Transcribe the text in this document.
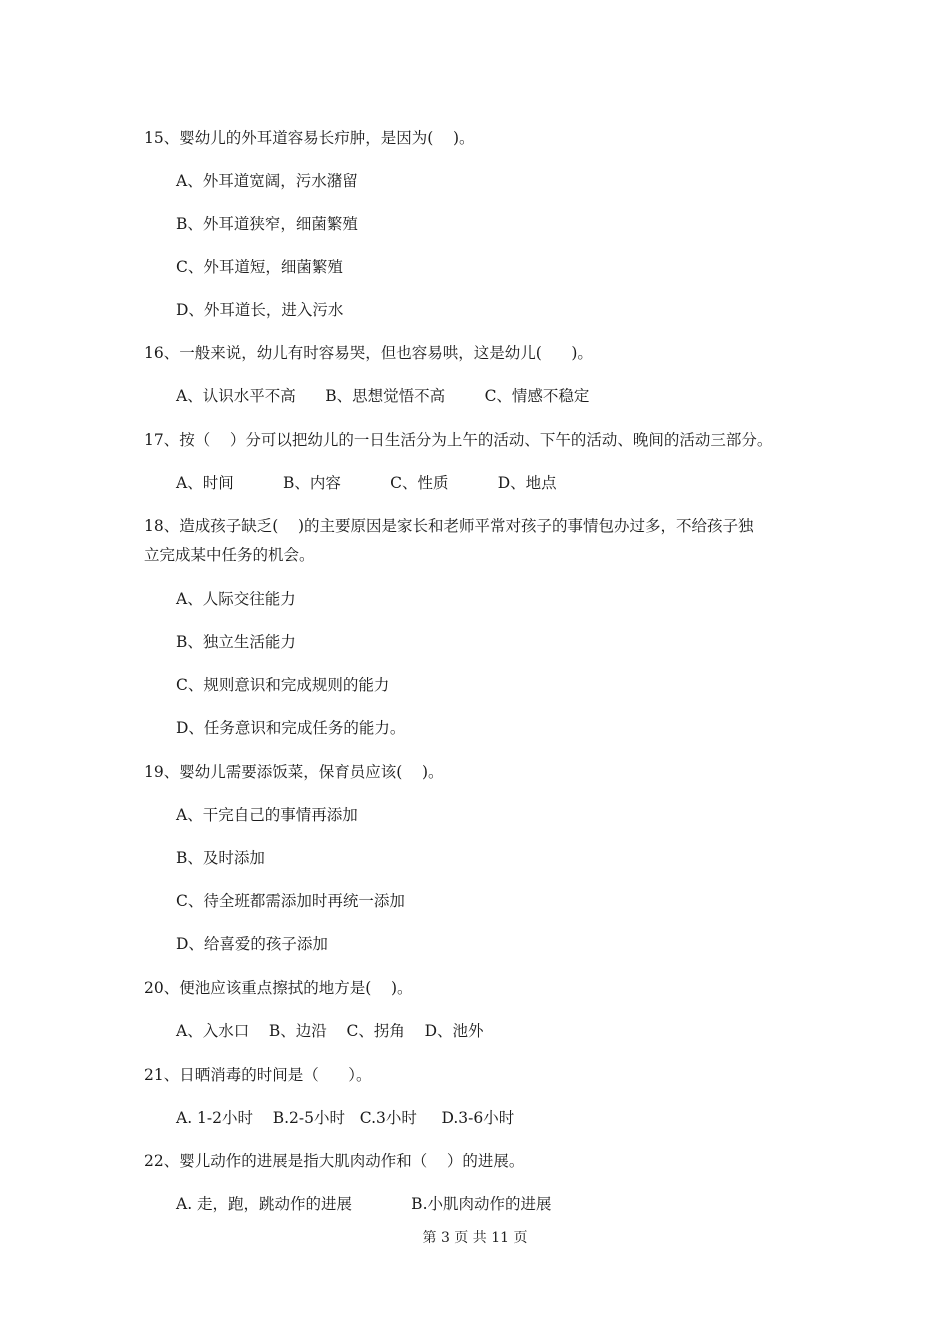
15、婴幼儿的外耳道容易长疖肿，是因为(    )。
A、外耳道宽阔，污水潴留
B、外耳道狭窄，细菌繁殖
C、外耳道短，细菌繁殖
D、外耳道长，进入污水
16、一般来说，幼儿有时容易哭，但也容易哄，这是幼儿(      )。
A、认识水平不高      B、思想觉悟不高        C、情感不稳定
17、按（    ）分可以把幼儿的一日生活分为上午的活动、下午的活动、晚间的活动三部分。
A、时间          B、内容          C、性质          D、地点
18、造成孩子缺乏(    )的主要原因是家长和老师平常对孩子的事情包办过多，不给孩子独
立完成某中任务的机会。
A、人际交往能力
B、独立生活能力
C、规则意识和完成规则的能力
D、任务意识和完成任务的能力。
19、婴幼儿需要添饭菜，保育员应该(    )。
A、干完自己的事情再添加
B、及时添加
C、待全班都需添加时再统一添加
D、给喜爱的孩子添加
20、便池应该重点擦拭的地方是(    )。
A、入水口    B、边沿    C、拐角    D、池外
21、日晒消毒的时间是（      ）。
A. 1-2小时    B.2-5小时   C.3小时     D.3-6小时
22、婴儿动作的进展是指大肌肉动作和（    ）的进展。
A. 走，跑，跳动作的进展            B.小肌肉动作的进展
第 3 页 共 11 页
